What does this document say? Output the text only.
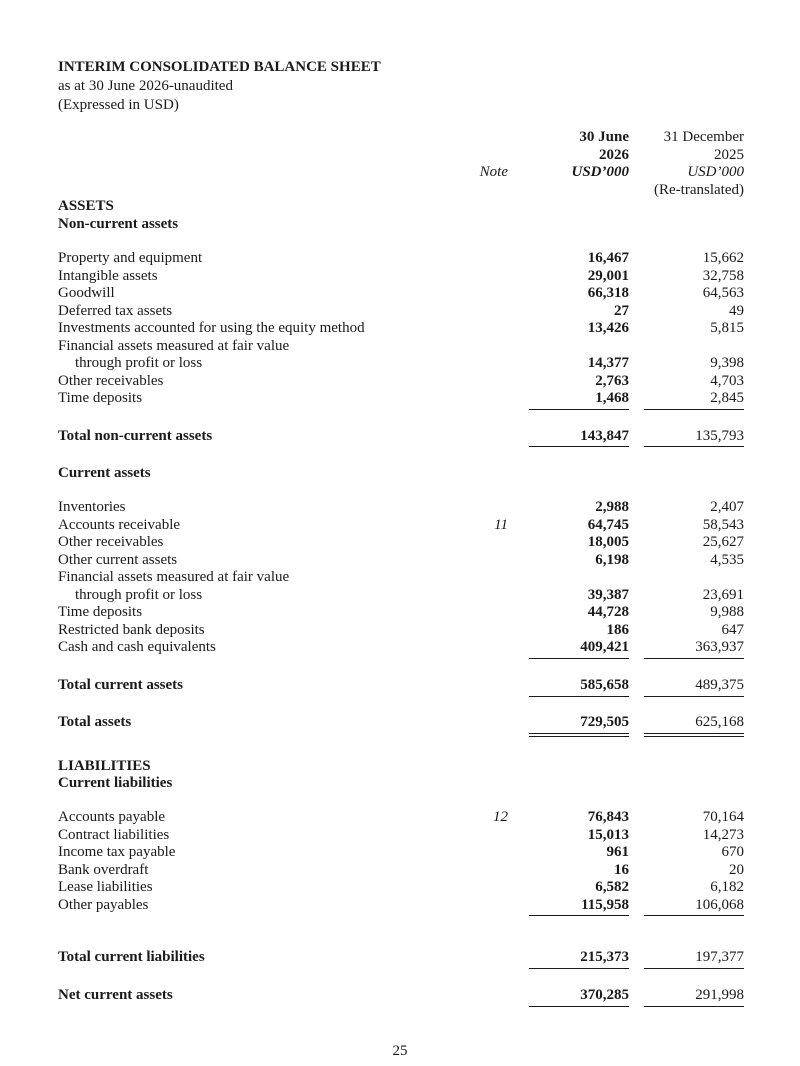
INTERIM CONSOLIDATED BALANCE SHEET
as at 30 June 2026-unaudited
(Expressed in USD)
Note
30 June
2026
USD’000
31 December
2025
USD’000
(Re-translated)
ASSETS
Non-current assets
Property and equipment	16,467	15,662
Intangible assets	29,001	32,758
Goodwill	66,318	64,563
Deferred tax assets	27	49
Investments accounted for using the equity method	13,426	5,815
Financial assets measured at fair value
through profit or loss	14,377	9,398
Other receivables	2,763	4,703
Time deposits	1,468	2,845
Total non-current assets	143,847	135,793
Current assets
Inventories	2,988	2,407
Accounts receivable	11	64,745	58,543
Other receivables	18,005	25,627
Other current assets	6,198	4,535
Financial assets measured at fair value
through profit or loss	39,387	23,691
Time deposits	44,728	9,988
Restricted bank deposits	186	647
Cash and cash equivalents	409,421	363,937
Total current assets	585,658	489,375
Total assets	729,505	625,168
LIABILITIES
Current liabilities
Accounts payable	12	76,843	70,164
Contract liabilities	15,013	14,273
Income tax payable	961	670
Bank overdraft	16	20
Lease liabilities	6,582	6,182
Other payables	115,958	106,068
Total current liabilities	215,373	197,377
Net current assets	370,285	291,998
25
